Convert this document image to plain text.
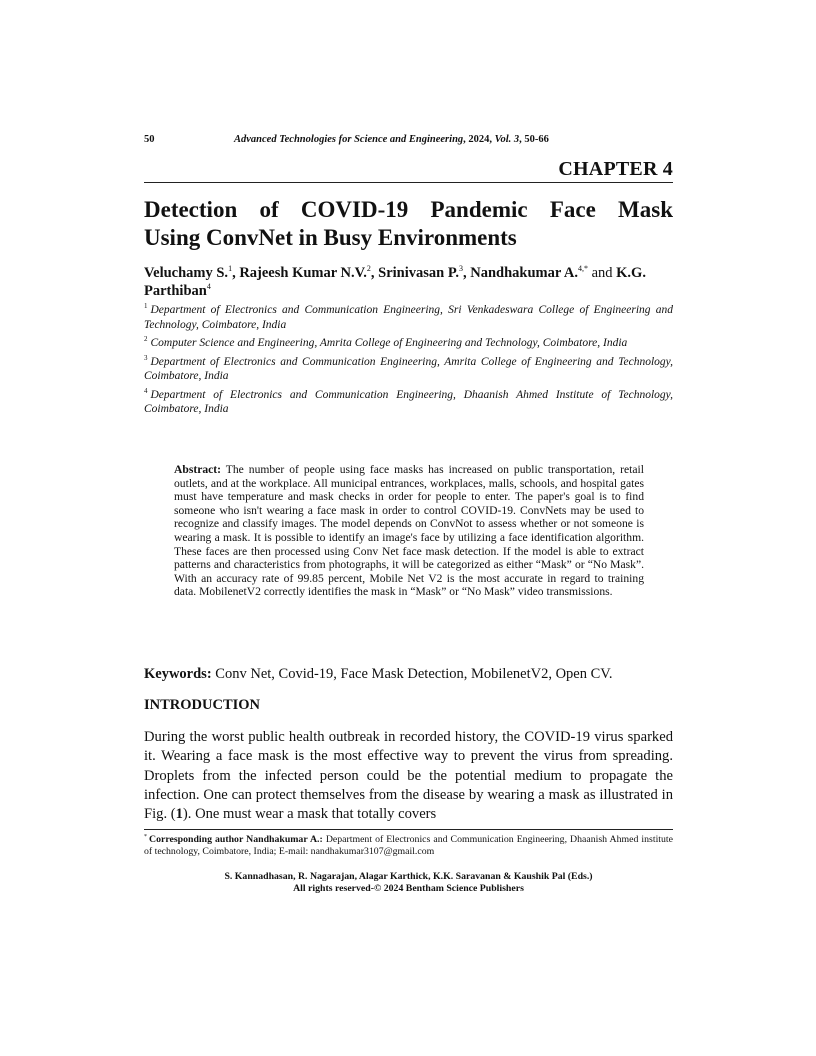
50	Advanced Technologies for Science and Engineering, 2024, Vol. 3, 50-66
CHAPTER 4
Detection of COVID-19 Pandemic Face Mask
Using ConvNet in Busy Environments
Veluchamy S.$^1$, Rajeesh Kumar N.V.$^2$, Srinivasan P.$^3$, Nandhakumar A.$^{4,*}$ and K.G. Parthiban$^4$
$^1$ Department of Electronics and Communication Engineering, Sri Venkadeswara College of Engineering and Technology, Coimbatore, India
$^2$ Computer Science and Engineering, Amrita College of Engineering and Technology, Coimbatore, India
$^3$ Department of Electronics and Communication Engineering, Amrita College of Engineering and Technology, Coimbatore, India
$^4$ Department of Electronics and Communication Engineering, Dhaanish Ahmed Institute of Technology, Coimbatore, India
Abstract: The number of people using face masks has increased on public transportation, retail outlets, and at the workplace. All municipal entrances, workplaces, malls, schools, and hospital gates must have temperature and mask checks in order for people to enter. The paper's goal is to find someone who isn't wearing a face mask in order to control COVID-19. ConvNets may be used to recognize and classify images. The model depends on ConvNot to assess whether or not someone is wearing a mask. It is possible to identify an image's face by utilizing a face identification algorithm. These faces are then processed using Conv Net face mask detection. If the model is able to extract patterns and characteristics from photographs, it will be categorized as either “Mask” or “No Mask”. With an accuracy rate of 99.85 percent, Mobile Net V2 is the most accurate in regard to training data. MobilenetV2 correctly identifies the mask in “Mask” or “No Mask” video transmissions.
Keywords: Conv Net, Covid-19, Face Mask Detection, MobilenetV2, Open CV.
INTRODUCTION
During the worst public health outbreak in recorded history, the COVID-19 virus sparked it. Wearing a face mask is the most effective way to prevent the virus from spreading. Droplets from the infected person could be the potential medium to propagate the infection. One can protect themselves from the disease by wearing a mask as illustrated in Fig. (1). One must wear a mask that totally covers
* Corresponding author Nandhakumar A.: Department of Electronics and Communication Engineering, Dhaanish Ahmed institute of technology, Coimbatore, India; E-mail: nandhakumar3107@gmail.com
S. Kannadhasan, R. Nagarajan, Alagar Karthick, K.K. Saravanan & Kaushik Pal (Eds.)
All rights reserved-© 2024 Bentham Science Publishers
